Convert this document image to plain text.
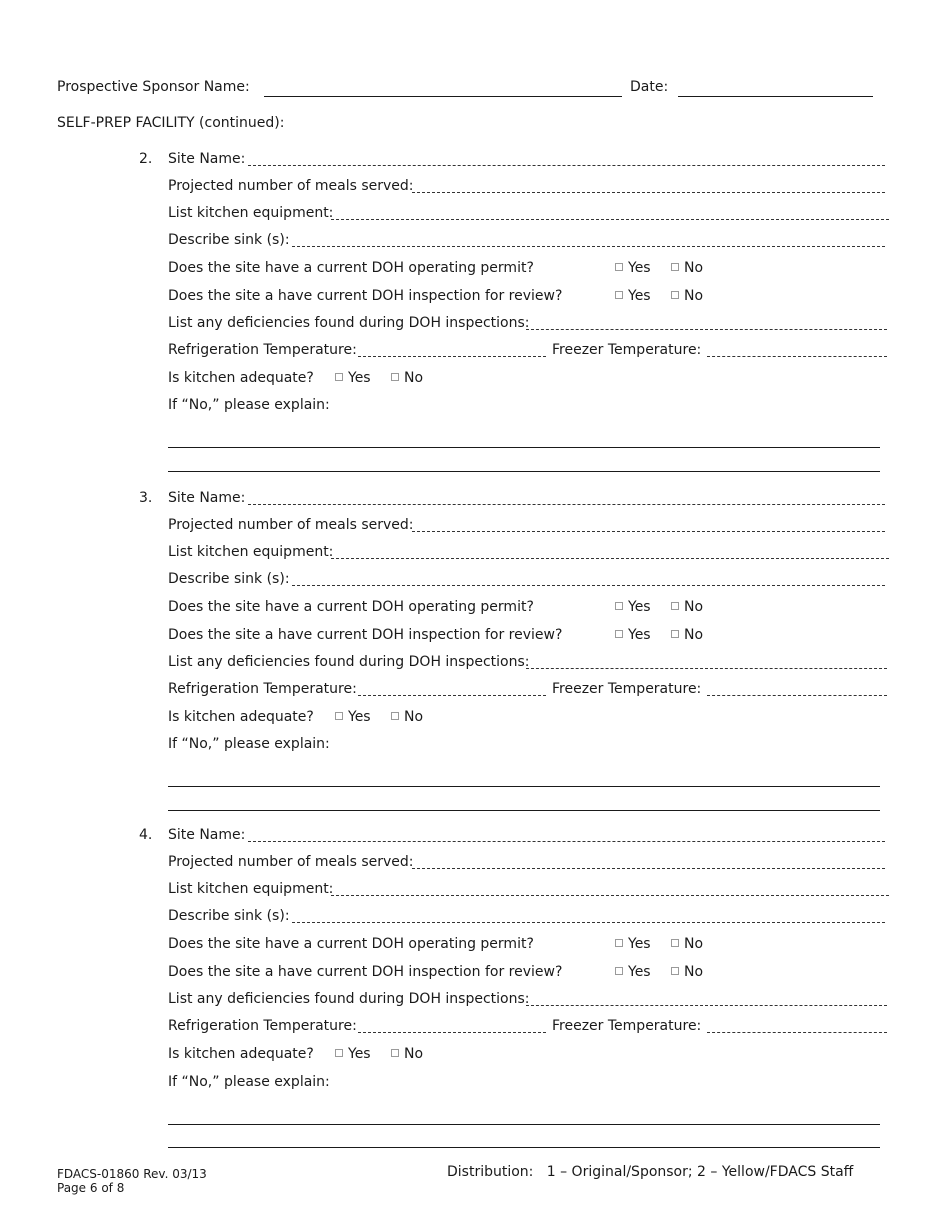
Prospective Sponsor Name:	Date:
SELF-PREP FACILITY (continued):
2. Site Name:
Projected number of meals served:
List kitchen equipment:
Describe sink (s):
Does the site have a current DOH operating permit?	Yes	No
Does the site a have current DOH inspection for review?	Yes	No
List any deficiencies found during DOH inspections:
Refrigeration Temperature:	Freezer Temperature:
Is kitchen adequate?	Yes	No
If “No,” please explain:
3. Site Name:
Projected number of meals served:
List kitchen equipment:
Describe sink (s):
Does the site have a current DOH operating permit?	Yes	No
Does the site a have current DOH inspection for review?	Yes	No
List any deficiencies found during DOH inspections:
Refrigeration Temperature:	Freezer Temperature:
Is kitchen adequate?	Yes	No
If “No,” please explain:
4. Site Name:
Projected number of meals served:
List kitchen equipment:
Describe sink (s):
Does the site have a current DOH operating permit?	Yes	No
Does the site a have current DOH inspection for review?	Yes	No
List any deficiencies found during DOH inspections:
Refrigeration Temperature:	Freezer Temperature:
Is kitchen adequate?	Yes	No
If “No,” please explain:
FDACS-01860 Rev. 03/13
Page 6 of 8
Distribution:   1 – Original/Sponsor; 2 – Yellow/FDACS Staff
